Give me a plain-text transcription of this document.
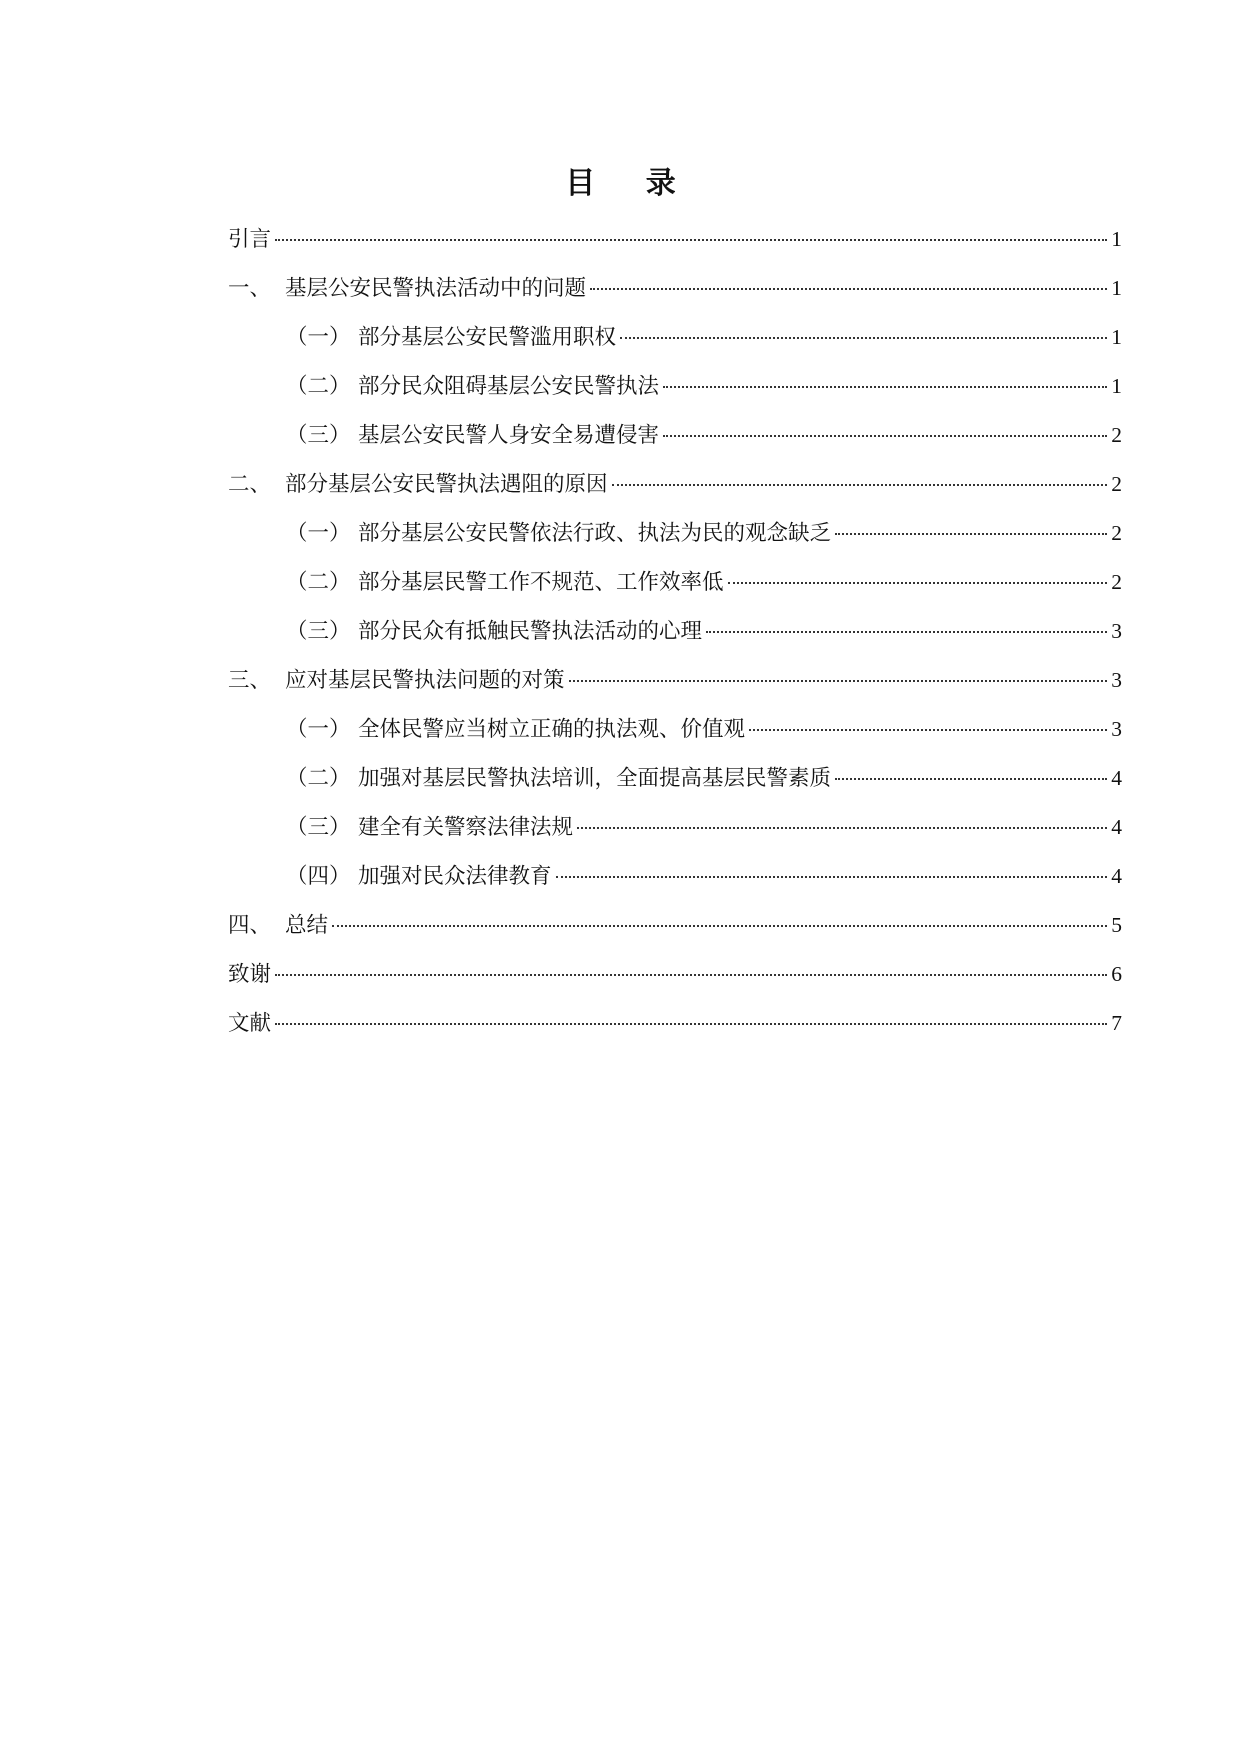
目 录
引言	1
一、 基层公安民警执法活动中的问题	1
（一） 部分基层公安民警滥用职权	1
（二） 部分民众阻碍基层公安民警执法	1
（三） 基层公安民警人身安全易遭侵害	2
二、 部分基层公安民警执法遇阻的原因	2
（一） 部分基层公安民警依法行政、执法为民的观念缺乏	2
（二） 部分基层民警工作不规范、工作效率低	2
（三） 部分民众有抵触民警执法活动的心理	3
三、 应对基层民警执法问题的对策	3
（一） 全体民警应当树立正确的执法观、价值观	3
（二） 加强对基层民警执法培训，全面提高基层民警素质	4
（三） 建全有关警察法律法规	4
（四） 加强对民众法律教育	4
四、 总结	5
致谢	6
文献	7
